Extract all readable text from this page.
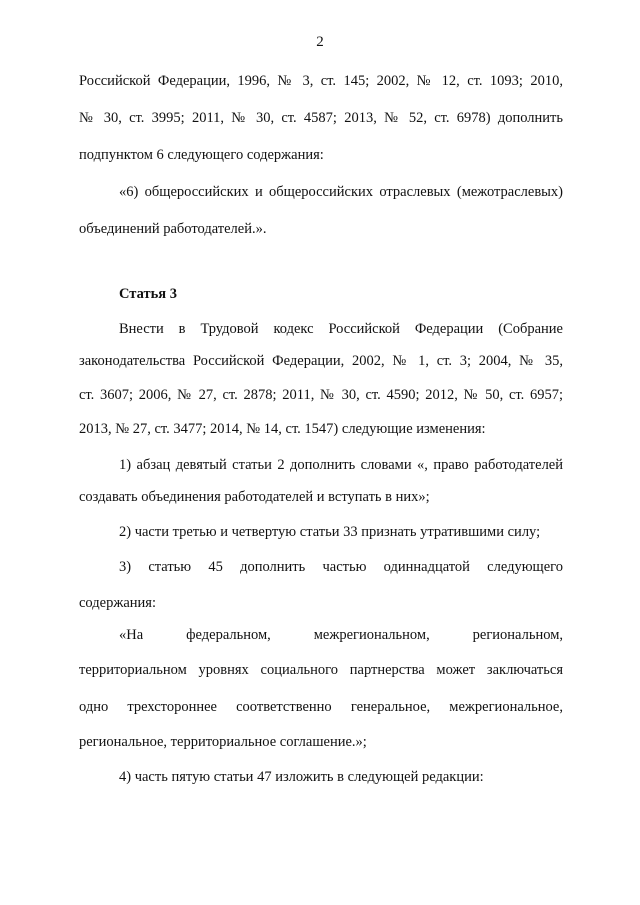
2
Российской Федерации, 1996, № 3, ст. 145; 2002, № 12, ст. 1093; 2010,
№ 30, ст. 3995; 2011, № 30, ст. 4587; 2013, № 52, ст. 6978) дополнить
подпунктом 6 следующего содержания:
«6) общероссийских и общероссийских отраслевых (межотраслевых)
объединений работодателей.».
Статья 3
Внести в Трудовой кодекс Российской Федерации (Собрание
законодательства Российской Федерации, 2002, № 1, ст. 3; 2004, № 35,
ст. 3607; 2006, № 27, ст. 2878; 2011, № 30, ст. 4590; 2012, № 50, ст. 6957;
2013, № 27, ст. 3477; 2014, № 14, ст. 1547) следующие изменения:
1) абзац девятый статьи 2 дополнить словами «, право работодателей
создавать объединения работодателей и вступать в них»;
2) части третью и четвертую статьи 33 признать утратившими силу;
3) статью 45 дополнить частью одиннадцатой следующего
содержания:
«На федеральном, межрегиональном, региональном,
территориальном уровнях социального партнерства может заключаться
одно трехстороннее соответственно генеральное, межрегиональное,
региональное, территориальное соглашение.»;
4) часть пятую статьи 47 изложить в следующей редакции:
